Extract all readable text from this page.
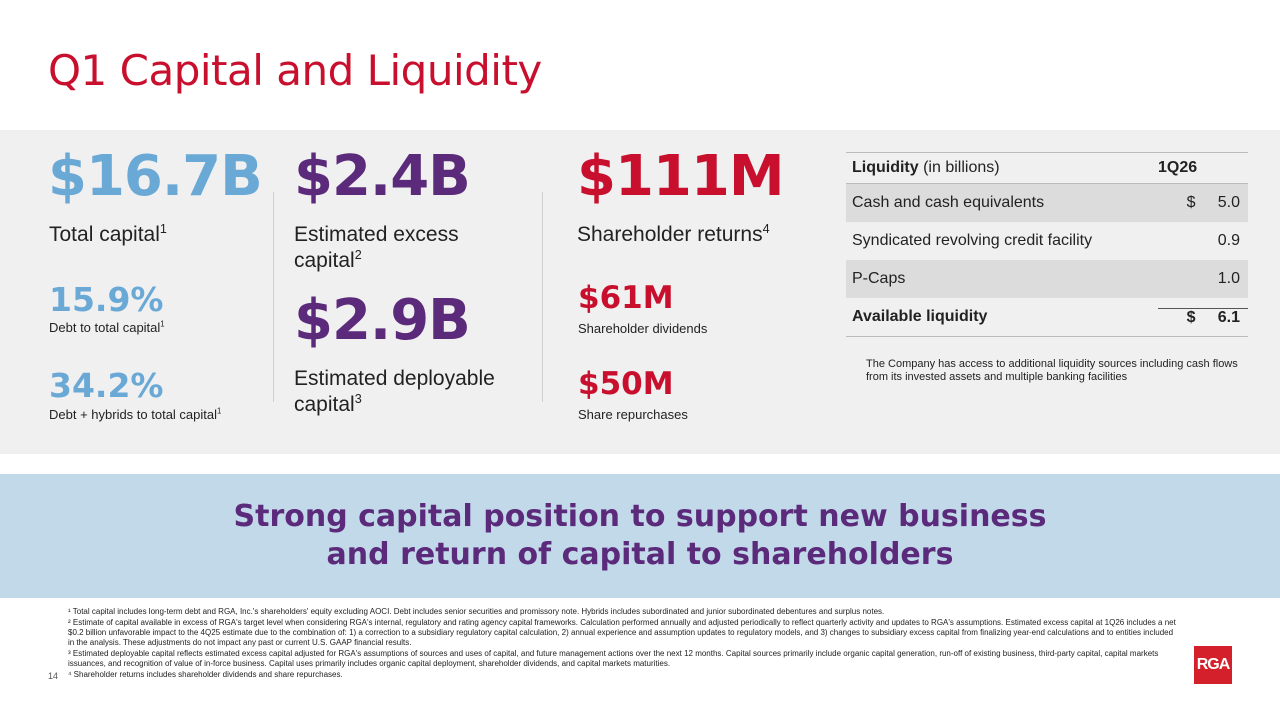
Q1 Capital and Liquidity
$16.7B
Total capital$^1$
15.9%
Debt to total capital$^1$
34.2%
Debt + hybrids to total capital$^1$
$2.4B
Estimated excess
capital$^2$
$2.9B
Estimated deployable
capital$^3$
$111M
Shareholder returns$^4$
$61M
Shareholder dividends
$50M
Share repurchases
Liquidity (in billions)	1Q26
Cash and cash equivalents	$     5.0
Syndicated revolving credit facility	0.9
P-Caps	1.0
Available liquidity	$     6.1
The Company has access to additional liquidity sources including cash flows from its invested assets and multiple banking facilities
Strong capital position to support new business
and return of capital to shareholders

¹ Total capital includes long-term debt and RGA, Inc.'s shareholders' equity excluding AOCI. Debt includes senior securities and promissory note. Hybrids includes subordinated and junior subordinated debentures and surplus notes.

² Estimate of capital available in excess of RGA's target level when considering RGA's internal, regulatory and rating agency capital frameworks. Calculation performed annually and adjusted periodically to reflect quarterly activity and updates to RGA's assumptions. Estimated excess capital at 1Q26 includes a net $0.2 billion unfavorable impact to the 4Q25 estimate due to the combination of: 1) a correction to a subsidiary regulatory capital calculation, 2) annual experience and assumption updates to regulatory models, and 3) changes to subsidiary excess capital from finalizing year-end calculations and to entities included in the analysis. These adjustments do not impact any past or current U.S. GAAP financial results.

³ Estimated deployable capital reflects estimated excess capital adjusted for RGA's assumptions of sources and uses of capital, and future management actions over the next 12 months. Capital sources primarily include organic capital generation, run-off of existing business, third-party capital, capital markets issuances, and recognition of value of in-force business. Capital uses primarily includes organic capital deployment, shareholder dividends, and capital markets maturities.

⁴ Shareholder returns includes shareholder dividends and share repurchases.

14
RGA
